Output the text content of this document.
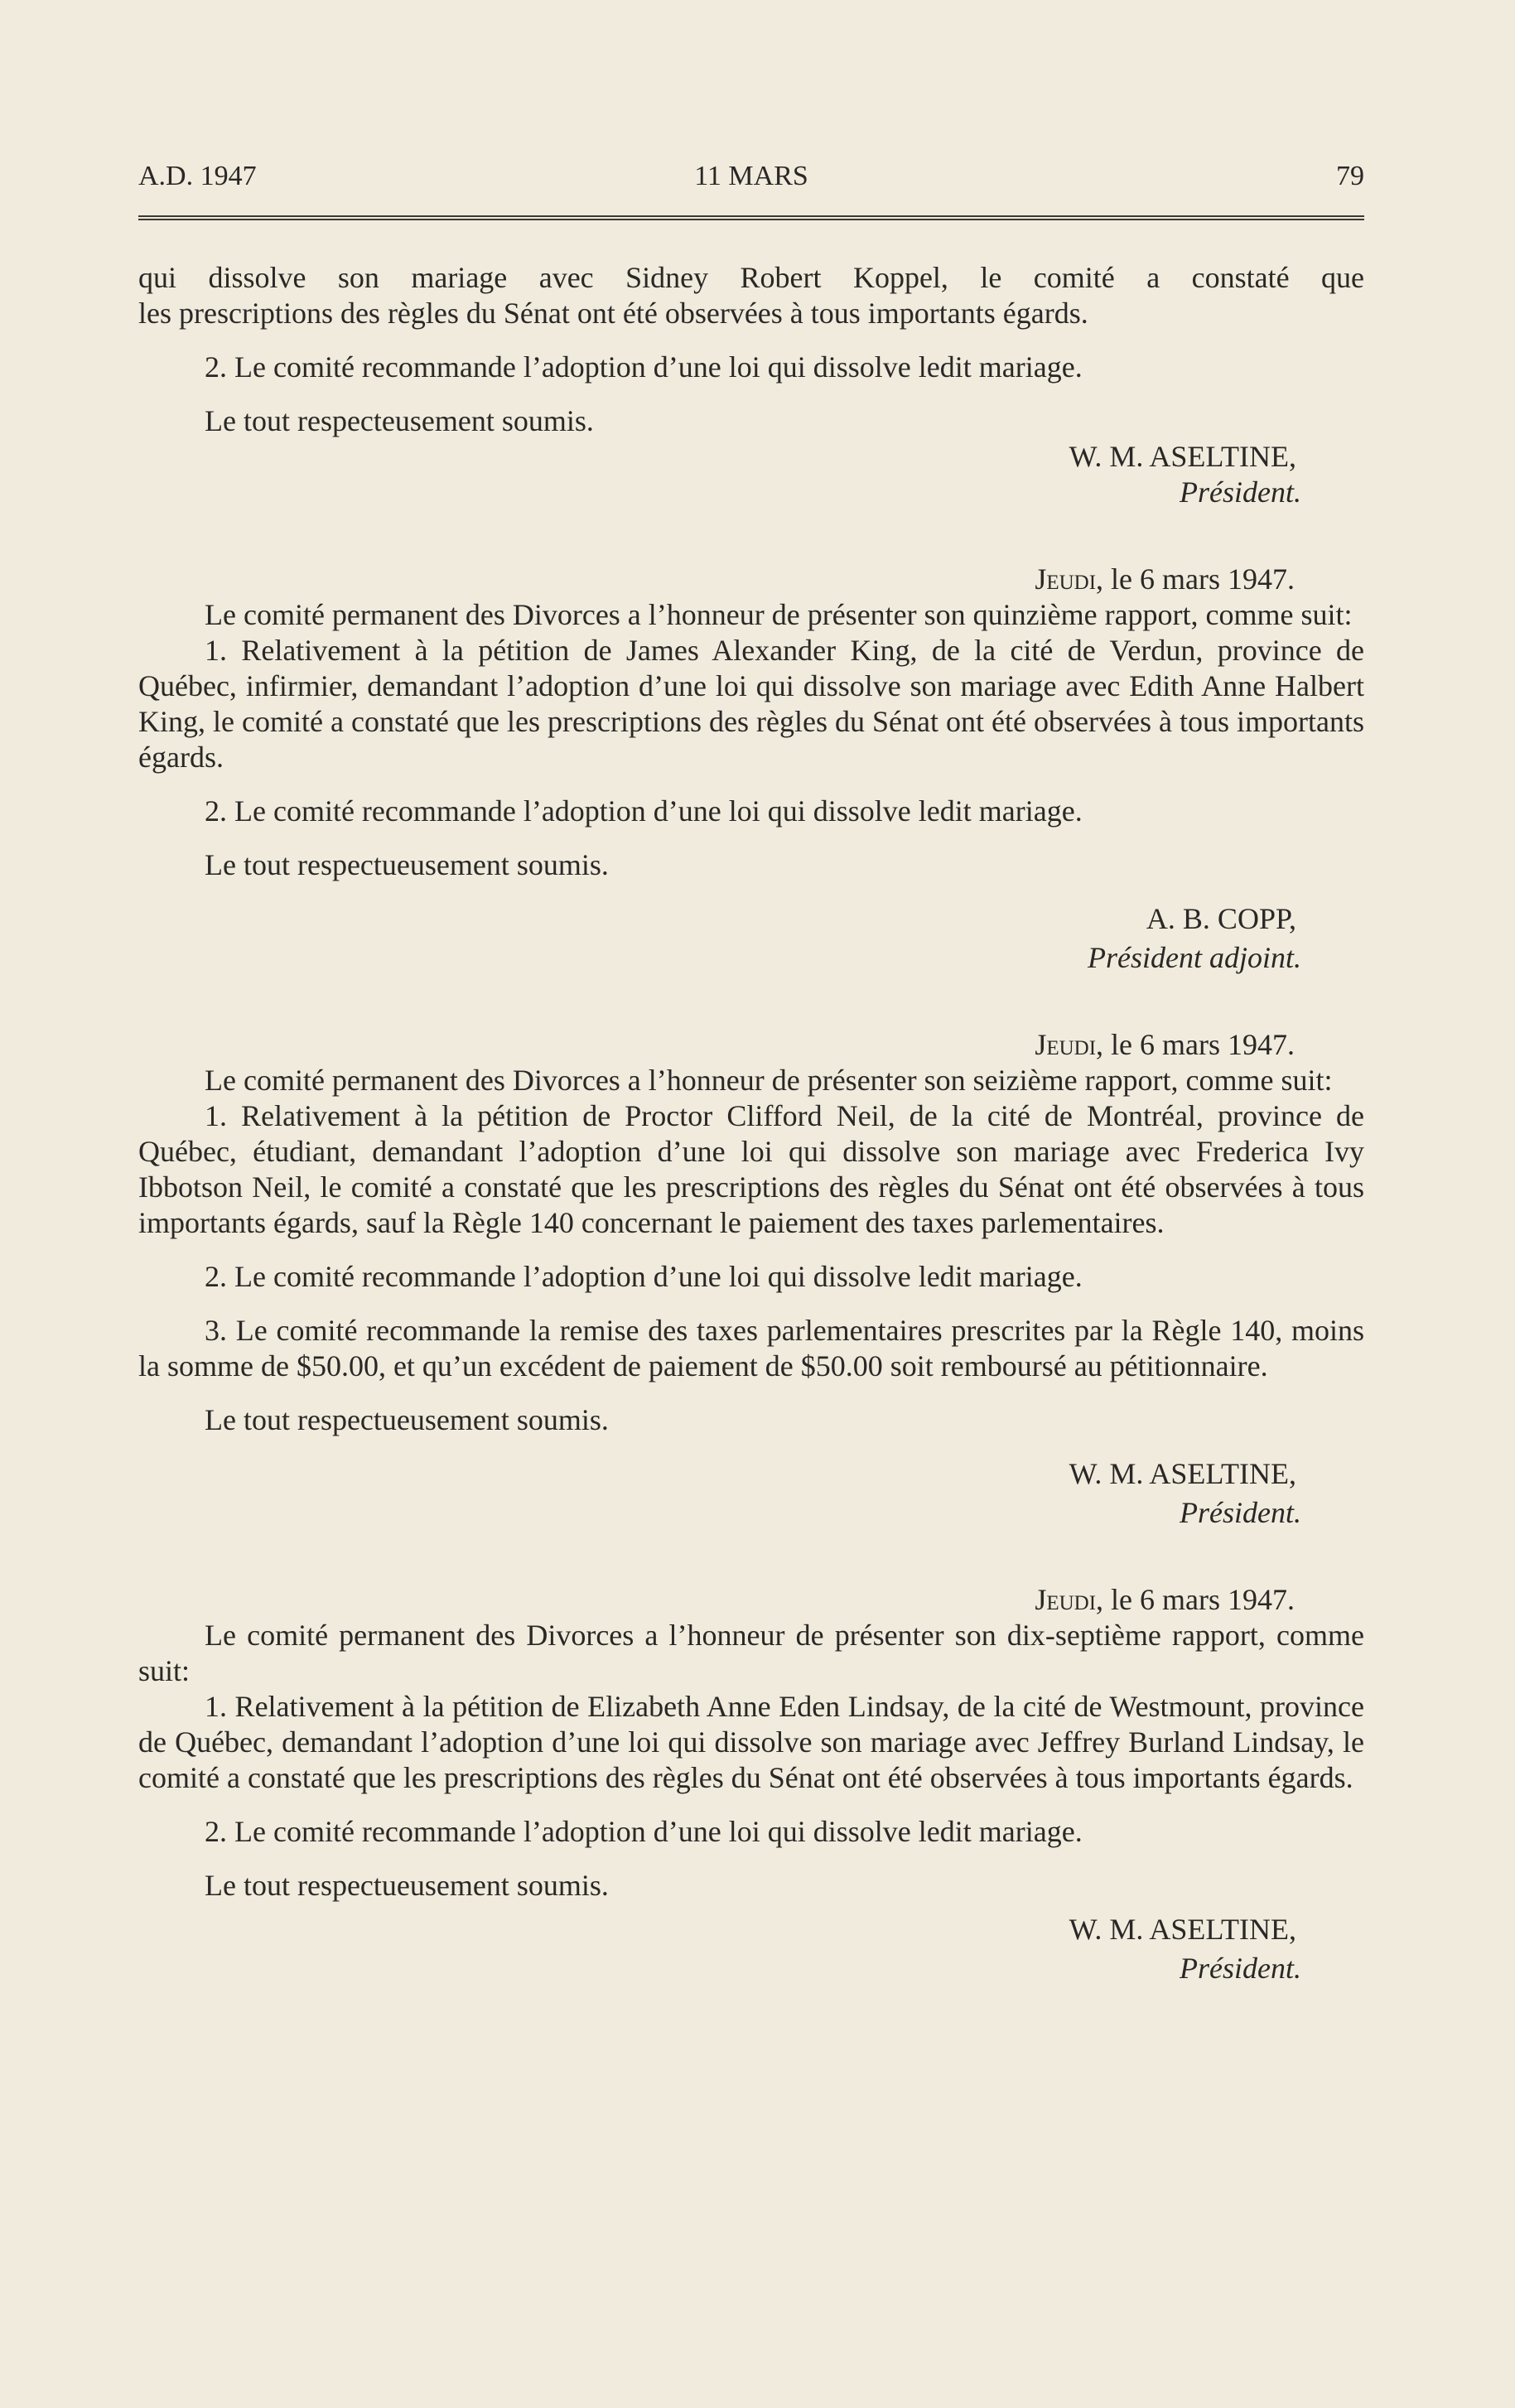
A.D. 1947	11 MARS	79

qui dissolve son mariage avec Sidney Robert Koppel, le comité a constaté que

les prescriptions des règles du Sénat ont été observées à tous importants égards.

2. Le comité recommande l’adoption d’une loi qui dissolve ledit mariage.

Le tout respecteusement soumis.

W. M. ASELTINE,

Président.

Jeudi, le 6 mars 1947.

Le comité permanent des Divorces a l’honneur de présenter son quinzième rapport, comme suit:

1. Relativement à la pétition de James Alexander King, de la cité de Verdun, province de Québec, infirmier, demandant l’adoption d’une loi qui dissolve son mariage avec Edith Anne Halbert King, le comité a constaté que les prescriptions des règles du Sénat ont été observées à tous importants égards.

2. Le comité recommande l’adoption d’une loi qui dissolve ledit mariage.

Le tout respectueusement soumis.

A. B. COPP,

Président adjoint.

Jeudi, le 6 mars 1947.

Le comité permanent des Divorces a l’honneur de présenter son seizième rapport, comme suit:

1. Relativement à la pétition de Proctor Clifford Neil, de la cité de Montréal, province de Québec, étudiant, demandant l’adoption d’une loi qui dissolve son mariage avec Frederica Ivy Ibbotson Neil, le comité a constaté que les prescriptions des règles du Sénat ont été observées à tous importants égards, sauf la Règle 140 concernant le paiement des taxes parlementaires.

2. Le comité recommande l’adoption d’une loi qui dissolve ledit mariage.

3. Le comité recommande la remise des taxes parlementaires prescrites par la Règle 140, moins la somme de $50.00, et qu’un excédent de paiement de $50.00 soit remboursé au pétitionnaire.

Le tout respectueusement soumis.

W. M. ASELTINE,

Président.

Jeudi, le 6 mars 1947.

Le comité permanent des Divorces a l’honneur de présenter son dix-septième rapport, comme suit:

1. Relativement à la pétition de Elizabeth Anne Eden Lindsay, de la cité de Westmount, province de Québec, demandant l’adoption d’une loi qui dissolve son mariage avec Jeffrey Burland Lindsay, le comité a constaté que les prescriptions des règles du Sénat ont été observées à tous importants égards.

2. Le comité recommande l’adoption d’une loi qui dissolve ledit mariage.

Le tout respectueusement soumis.

W. M. ASELTINE,

Président.
